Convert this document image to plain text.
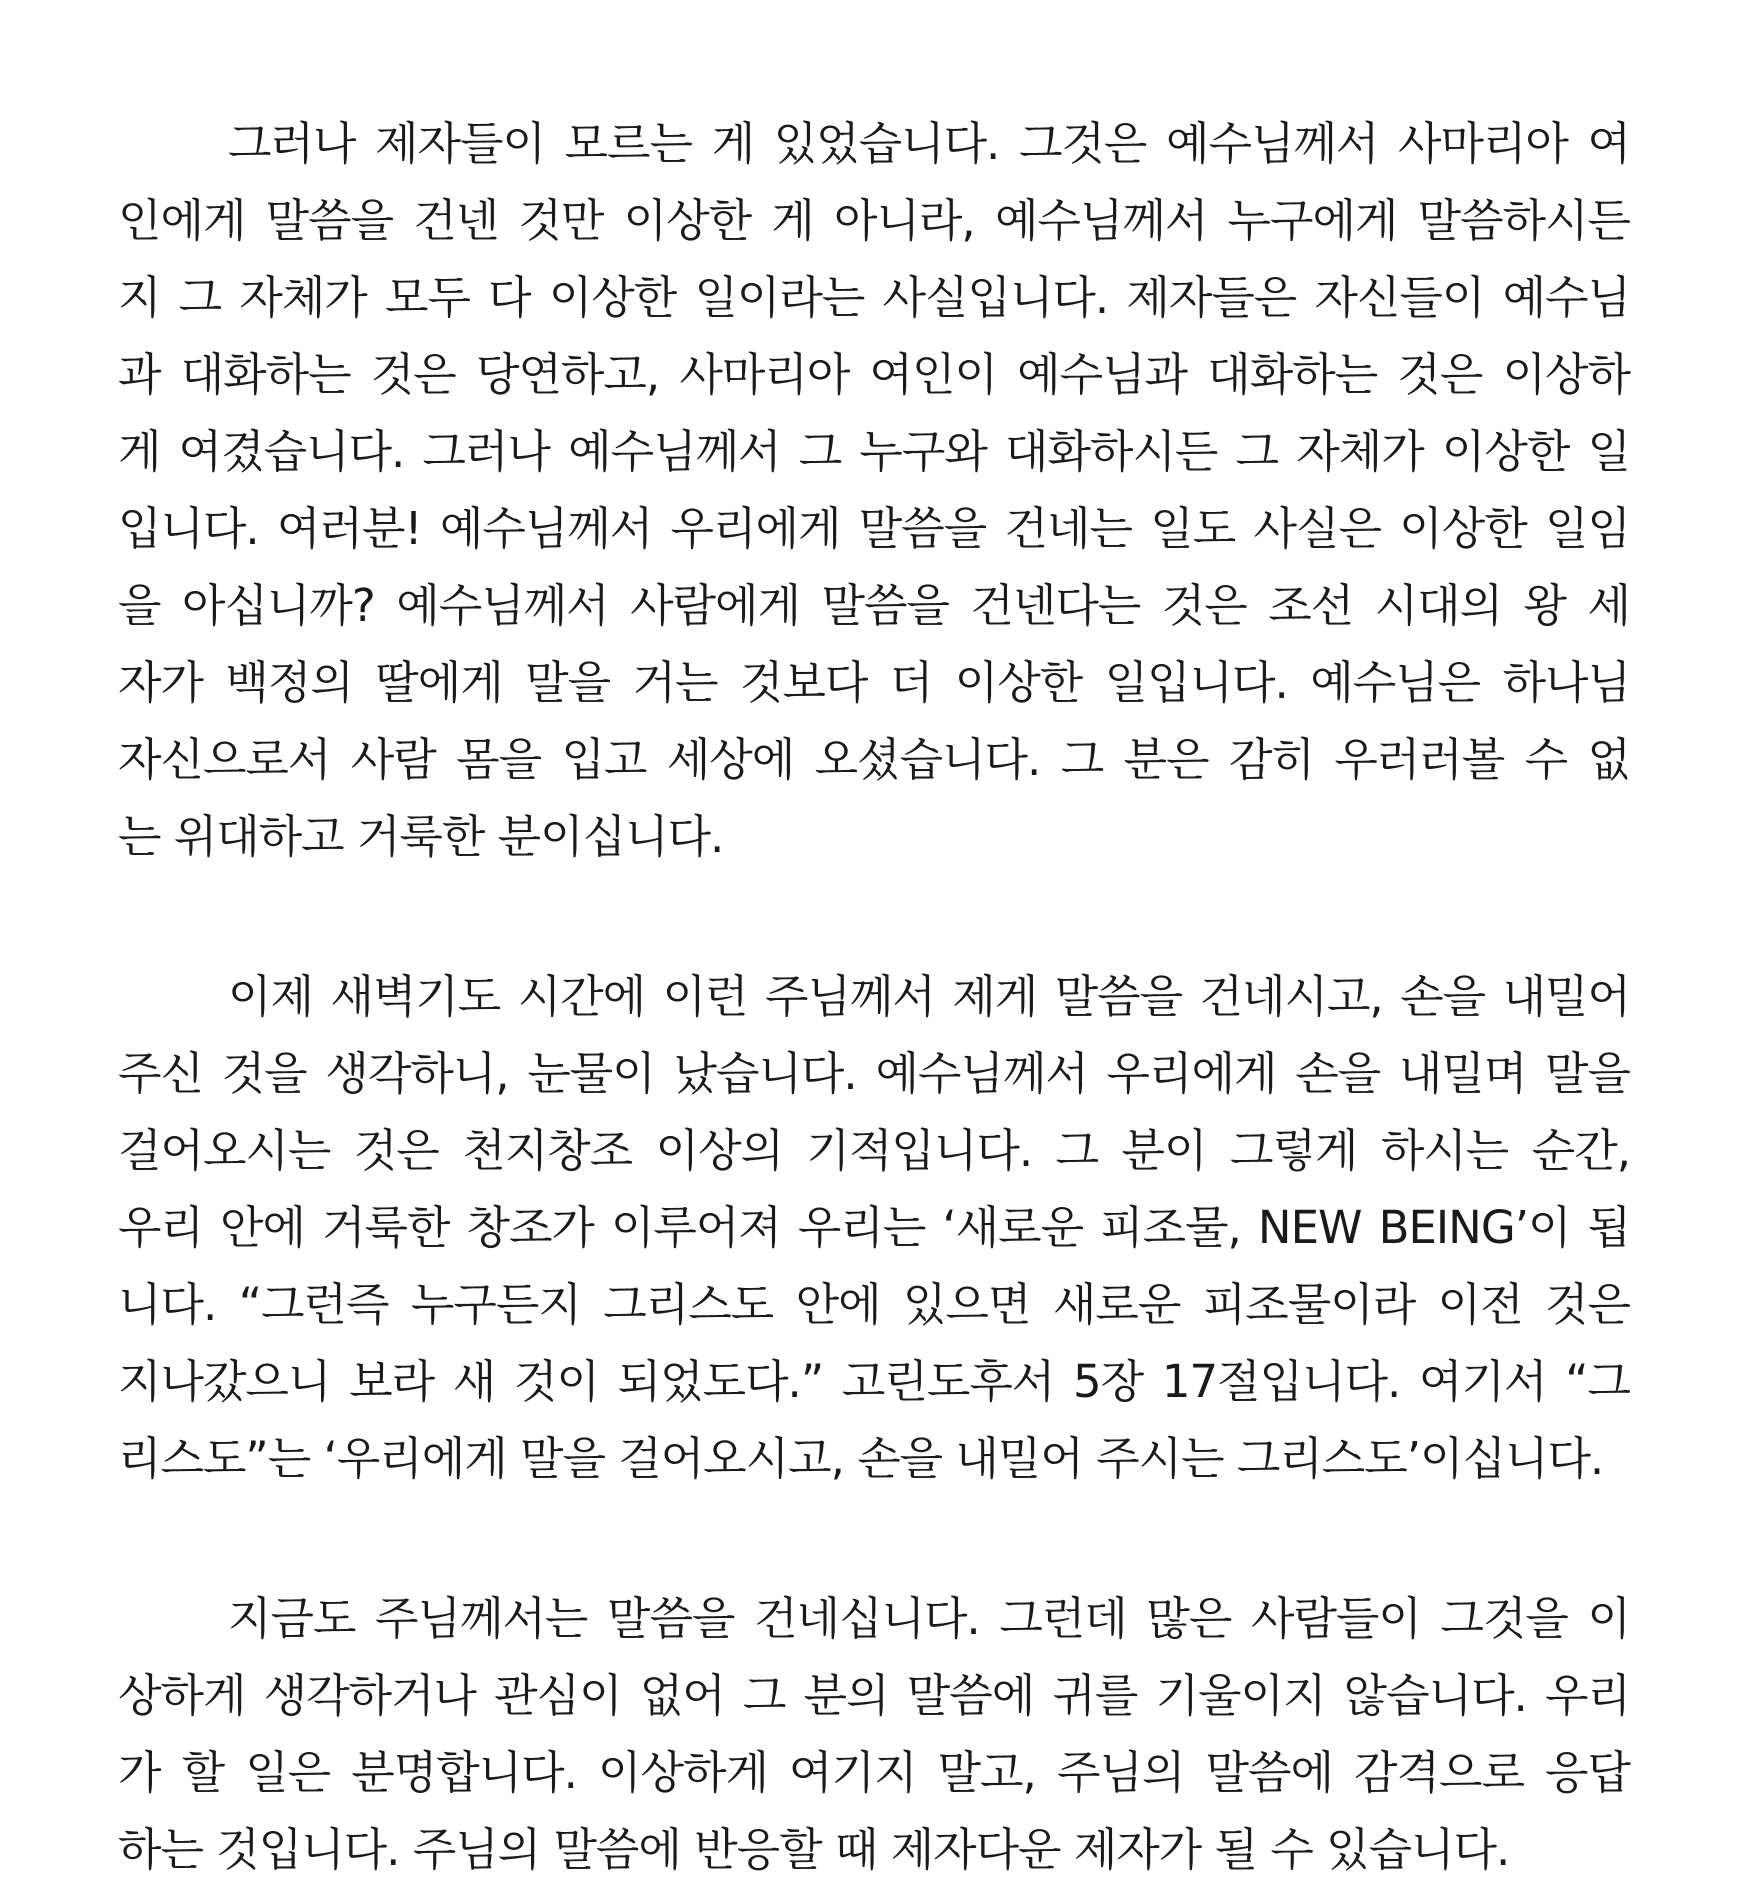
그러나 제자들이 모르는 게 있었습니다. 그것은 예수님께서 사마리아 여
인에게 말씀을 건넨 것만 이상한 게 아니라, 예수님께서 누구에게 말씀하시든
지 그 자체가 모두 다 이상한 일이라는 사실입니다. 제자들은 자신들이 예수님
과 대화하는 것은 당연하고, 사마리아 여인이 예수님과 대화하는 것은 이상하
게 여겼습니다. 그러나 예수님께서 그 누구와 대화하시든 그 자체가 이상한 일
입니다. 여러분! 예수님께서 우리에게 말씀을 건네는 일도 사실은 이상한 일임
을 아십니까? 예수님께서 사람에게 말씀을 건넨다는 것은 조선 시대의 왕 세
자가 백정의 딸에게 말을 거는 것보다 더 이상한 일입니다. 예수님은 하나님
자신으로서 사람 몸을 입고 세상에 오셨습니다. 그 분은 감히 우러러볼 수 없
는 위대하고 거룩한 분이십니다.
이제 새벽기도 시간에 이런 주님께서 제게 말씀을 건네시고, 손을 내밀어
주신 것을 생각하니, 눈물이 났습니다. 예수님께서 우리에게 손을 내밀며 말을
걸어오시는 것은 천지창조 이상의 기적입니다. 그 분이 그렇게 하시는 순간,
우리 안에 거룩한 창조가 이루어져 우리는 ‘새로운 피조물, NEW BEING’이 됩
니다. “그런즉 누구든지 그리스도 안에 있으면 새로운 피조물이라 이전 것은
지나갔으니 보라 새 것이 되었도다.” 고린도후서 5장 17절입니다. 여기서 “그
리스도”는 ‘우리에게 말을 걸어오시고, 손을 내밀어 주시는 그리스도’이십니다.
지금도 주님께서는 말씀을 건네십니다. 그런데 많은 사람들이 그것을 이
상하게 생각하거나 관심이 없어 그 분의 말씀에 귀를 기울이지 않습니다. 우리
가 할 일은 분명합니다. 이상하게 여기지 말고, 주님의 말씀에 감격으로 응답
하는 것입니다. 주님의 말씀에 반응할 때 제자다운 제자가 될 수 있습니다.
